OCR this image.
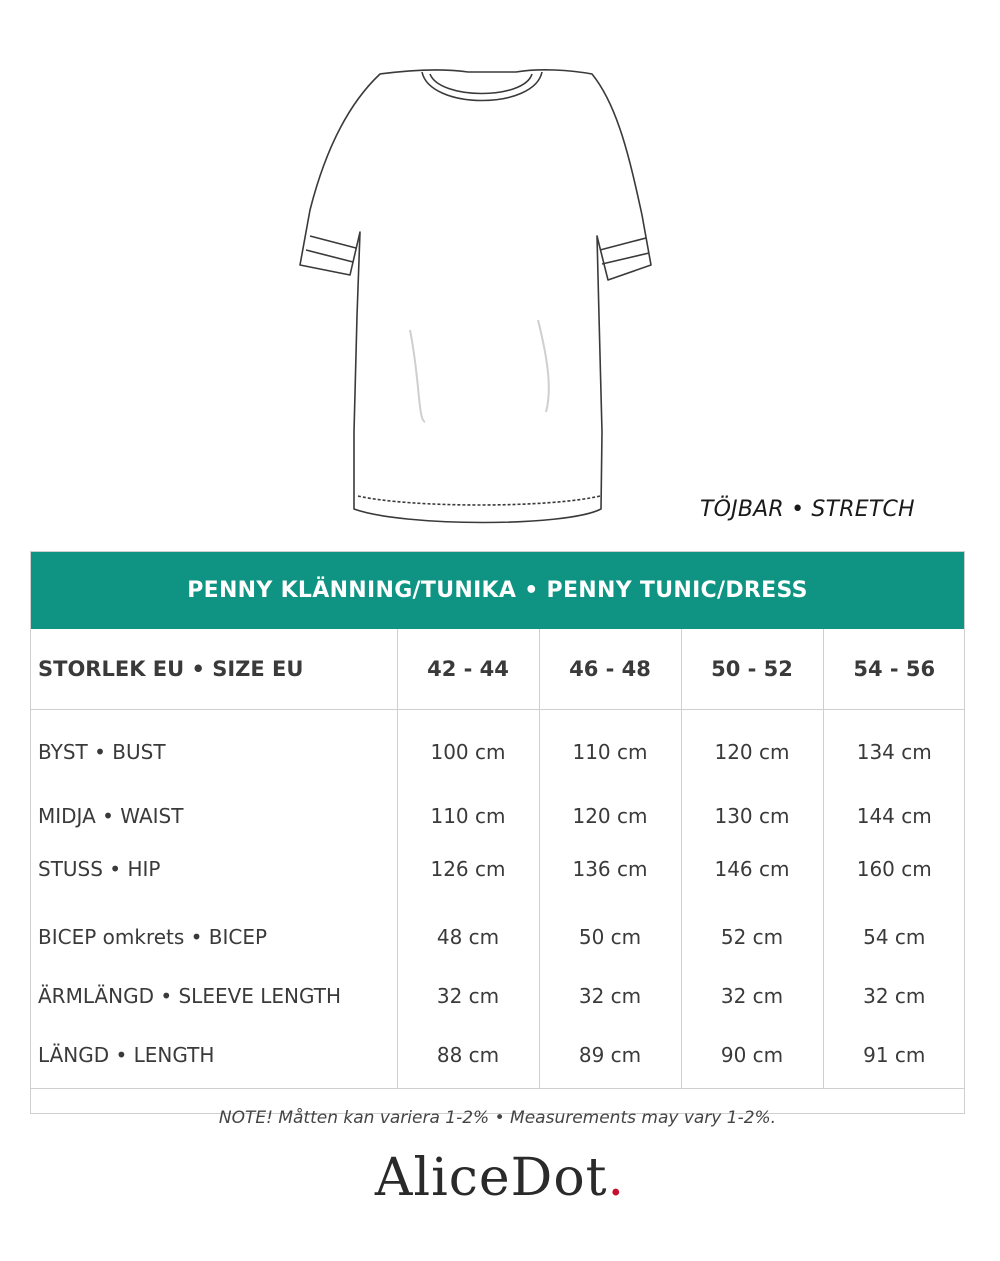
TÖJBAR • STRETCH
PENNY KLÄNNING/TUNIKA • PENNY TUNIC/DRESS
STORLEK EU • SIZE EU	42 - 44	46 - 48	50 - 52	54 - 56
BYST • BUST	100 cm	110 cm	120 cm	134 cm
MIDJA • WAIST	110 cm	120 cm	130 cm	144 cm
STUSS • HIP	126 cm	136 cm	146 cm	160 cm
BICEP omkrets • BICEP	48 cm	50 cm	52 cm	54 cm
ÄRMLÄNGD • SLEEVE LENGTH	32 cm	32 cm	32 cm	32 cm
LÄNGD • LENGTH	88 cm	89 cm	90 cm	91 cm
NOTE! Måtten kan variera 1-2% • Measurements may vary 1-2%.
AliceDot.
